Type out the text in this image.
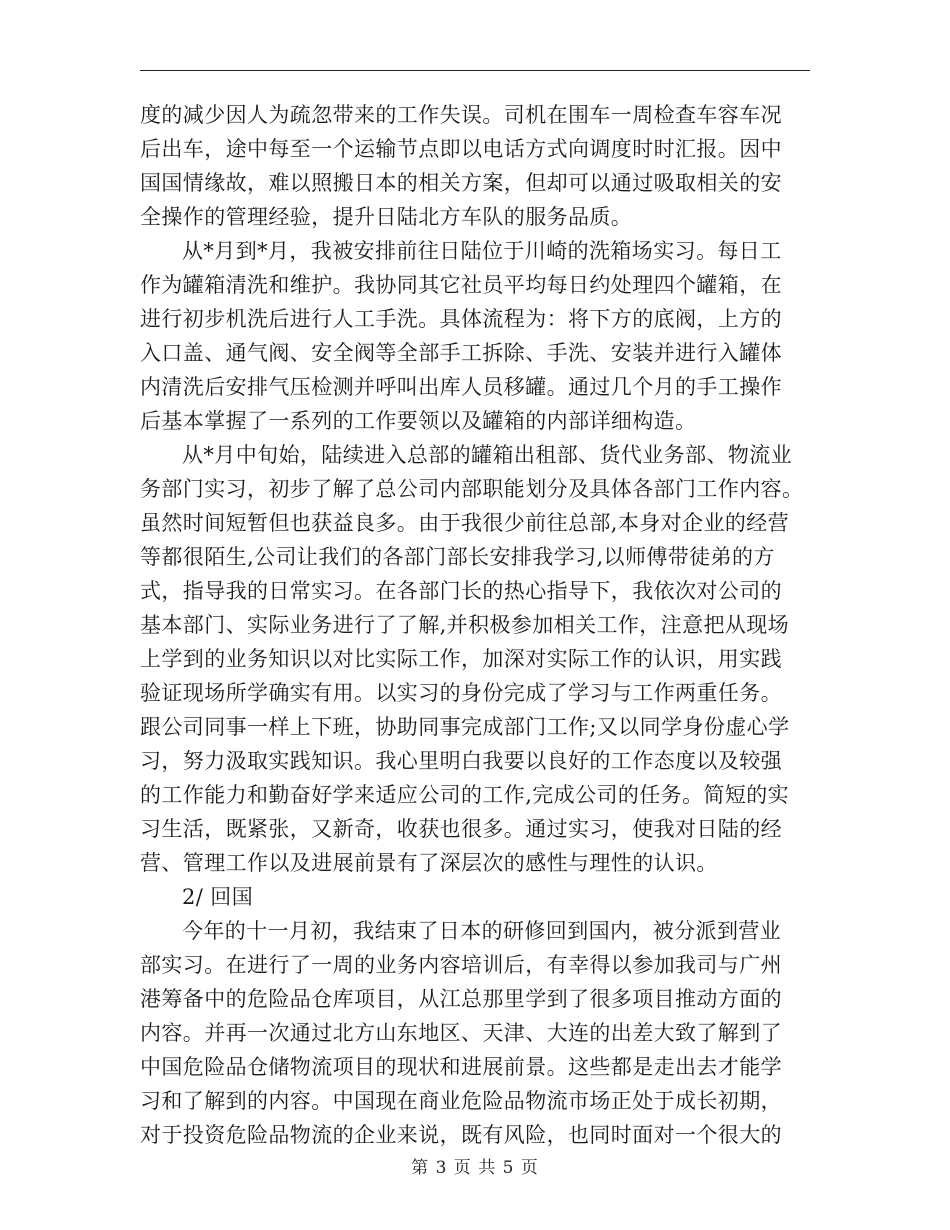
度的减少因人为疏忽带来的工作失误。司机在围车一周检查车容车况
后出车，途中每至一个运输节点即以电话方式向调度时时汇报。因中
国国情缘故，难以照搬日本的相关方案，但却可以通过吸取相关的安
全操作的管理经验，提升日陆北方车队的服务品质。
从*月到*月，我被安排前往日陆位于川崎的洗箱场实习。每日工
作为罐箱清洗和维护。我协同其它社员平均每日约处理四个罐箱，在
进行初步机洗后进行人工手洗。具体流程为：将下方的底阀，上方的
入口盖、通气阀、安全阀等全部手工拆除、手洗、安装并进行入罐体
内清洗后安排气压检测并呼叫出库人员移罐。通过几个月的手工操作
后基本掌握了一系列的工作要领以及罐箱的内部详细构造。
从*月中旬始，陆续进入总部的罐箱出租部、货代业务部、物流业
务部门实习，初步了解了总公司内部职能划分及具体各部门工作内容。
虽然时间短暂但也获益良多。由于我很少前往总部,本身对企业的经营
等都很陌生,公司让我们的各部门部长安排我学习,以师傅带徒弟的方
式，指导我的日常实习。在各部门长的热心指导下，我依次对公司的
基本部门、实际业务进行了了解,并积极参加相关工作，注意把从现场
上学到的业务知识以对比实际工作，加深对实际工作的认识，用实践
验证现场所学确实有用。以实习的身份完成了学习与工作两重任务。
跟公司同事一样上下班，协助同事完成部门工作;又以同学身份虚心学
习，努力汲取实践知识。我心里明白我要以良好的工作态度以及较强
的工作能力和勤奋好学来适应公司的工作,完成公司的任务。简短的实
习生活，既紧张，又新奇，收获也很多。通过实习，使我对日陆的经
营、管理工作以及进展前景有了深层次的感性与理性的认识。
2/ 回国
今年的十一月初，我结束了日本的研修回到国内，被分派到营业
部实习。在进行了一周的业务内容培训后，有幸得以参加我司与广州
港筹备中的危险品仓库项目，从江总那里学到了很多项目推动方面的
内容。并再一次通过北方山东地区、天津、大连的出差大致了解到了
中国危险品仓储物流项目的现状和进展前景。这些都是走出去才能学
习和了解到的内容。中国现在商业危险品物流市场正处于成长初期，
对于投资危险品物流的企业来说，既有风险，也同时面对一个很大的
第 3 页 共 5 页
